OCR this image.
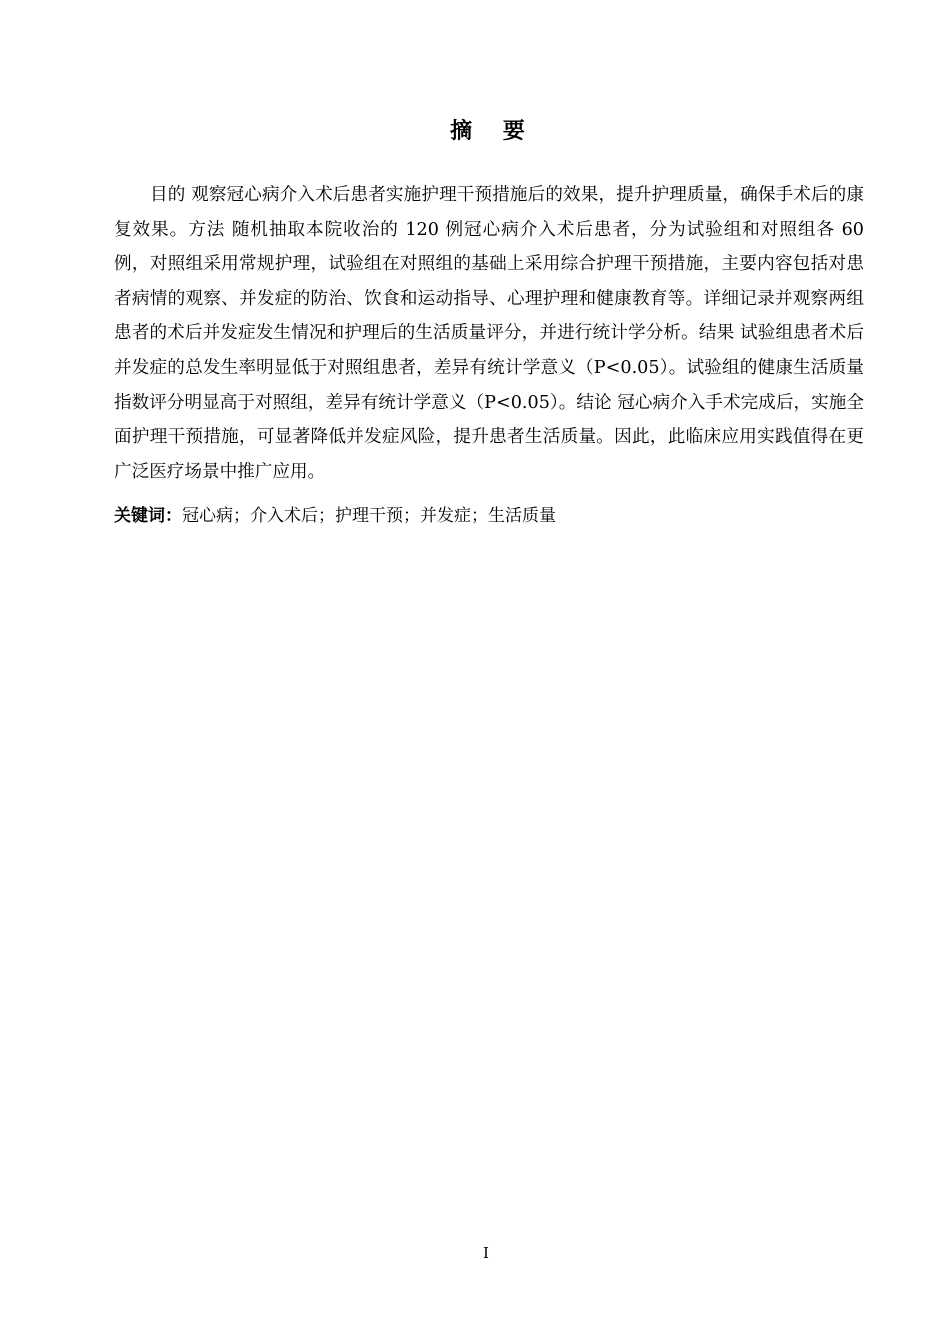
摘    要

目的 观察冠心病介入术后患者实施护理干预措施后的效果，提升护理质量，确保手术后的康复效果。方法 随机抽取本院收治的 120 例冠心病介入术后患者，分为试验组和对照组各 60 例，对照组采用常规护理，试验组在对照组的基础上采用综合护理干预措施，主要内容包括对患者病情的观察、并发症的防治、饮食和运动指导、心理护理和健康教育等。详细记录并观察两组患者的术后并发症发生情况和护理后的生活质量评分，并进行统计学分析。结果 试验组患者术后并发症的总发生率明显低于对照组患者，差异有统计学意义（P<0.05）。试验组的健康生活质量指数评分明显高于对照组，差异有统计学意义（P<0.05）。结论 冠心病介入手术完成后，实施全面护理干预措施，可显著降低并发症风险，提升患者生活质量。因此，此临床应用实践值得在更广泛医疗场景中推广应用。

关键词：冠心病；介入术后；护理干预；并发症；生活质量

I
